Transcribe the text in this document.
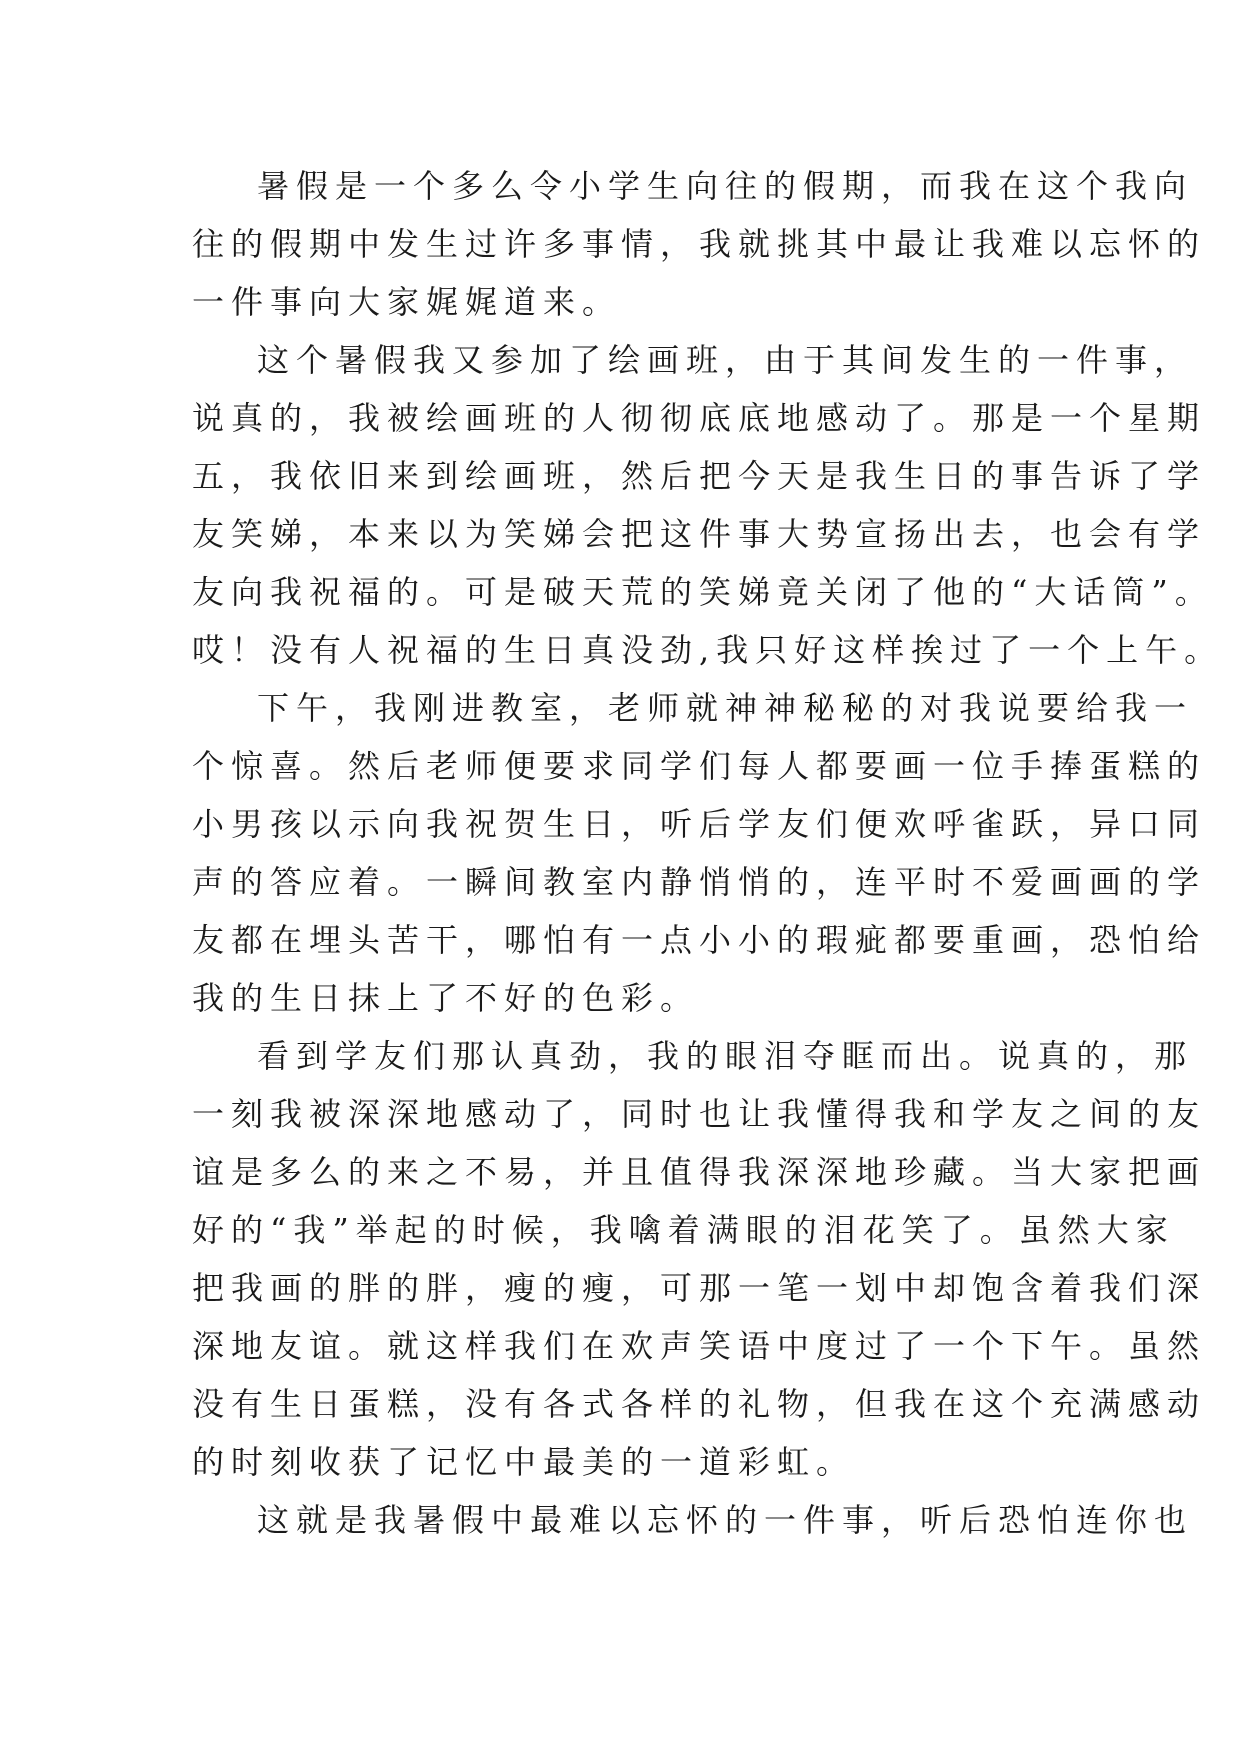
暑假是一个多么令小学生向往的假期，而我在这个我向
往的假期中发生过许多事情，我就挑其中最让我难以忘怀的
一件事向大家娓娓道来。
这个暑假我又参加了绘画班，由于其间发生的一件事，
说真的，我被绘画班的人彻彻底底地感动了。那是一个星期
五，我依旧来到绘画班，然后把今天是我生日的事告诉了学
友笑娣，本来以为笑娣会把这件事大势宣扬出去，也会有学
友向我祝福的。可是破天荒的笑娣竟关闭了他的“大话筒”。
哎！没有人祝福的生日真没劲,我只好这样挨过了一个上午。
下午，我刚进教室，老师就神神秘秘的对我说要给我一
个惊喜。然后老师便要求同学们每人都要画一位手捧蛋糕的
小男孩以示向我祝贺生日，听后学友们便欢呼雀跃，异口同
声的答应着。一瞬间教室内静悄悄的，连平时不爱画画的学
友都在埋头苦干，哪怕有一点小小的瑕疵都要重画，恐怕给
我的生日抹上了不好的色彩。
看到学友们那认真劲，我的眼泪夺眶而出。说真的，那
一刻我被深深地感动了，同时也让我懂得我和学友之间的友
谊是多么的来之不易，并且值得我深深地珍藏。当大家把画
好的“我”举起的时候，我噙着满眼的泪花笑了。虽然大家
把我画的胖的胖，瘦的瘦，可那一笔一划中却饱含着我们深
深地友谊。就这样我们在欢声笑语中度过了一个下午。虽然
没有生日蛋糕，没有各式各样的礼物，但我在这个充满感动
的时刻收获了记忆中最美的一道彩虹。
这就是我暑假中最难以忘怀的一件事，听后恐怕连你也
